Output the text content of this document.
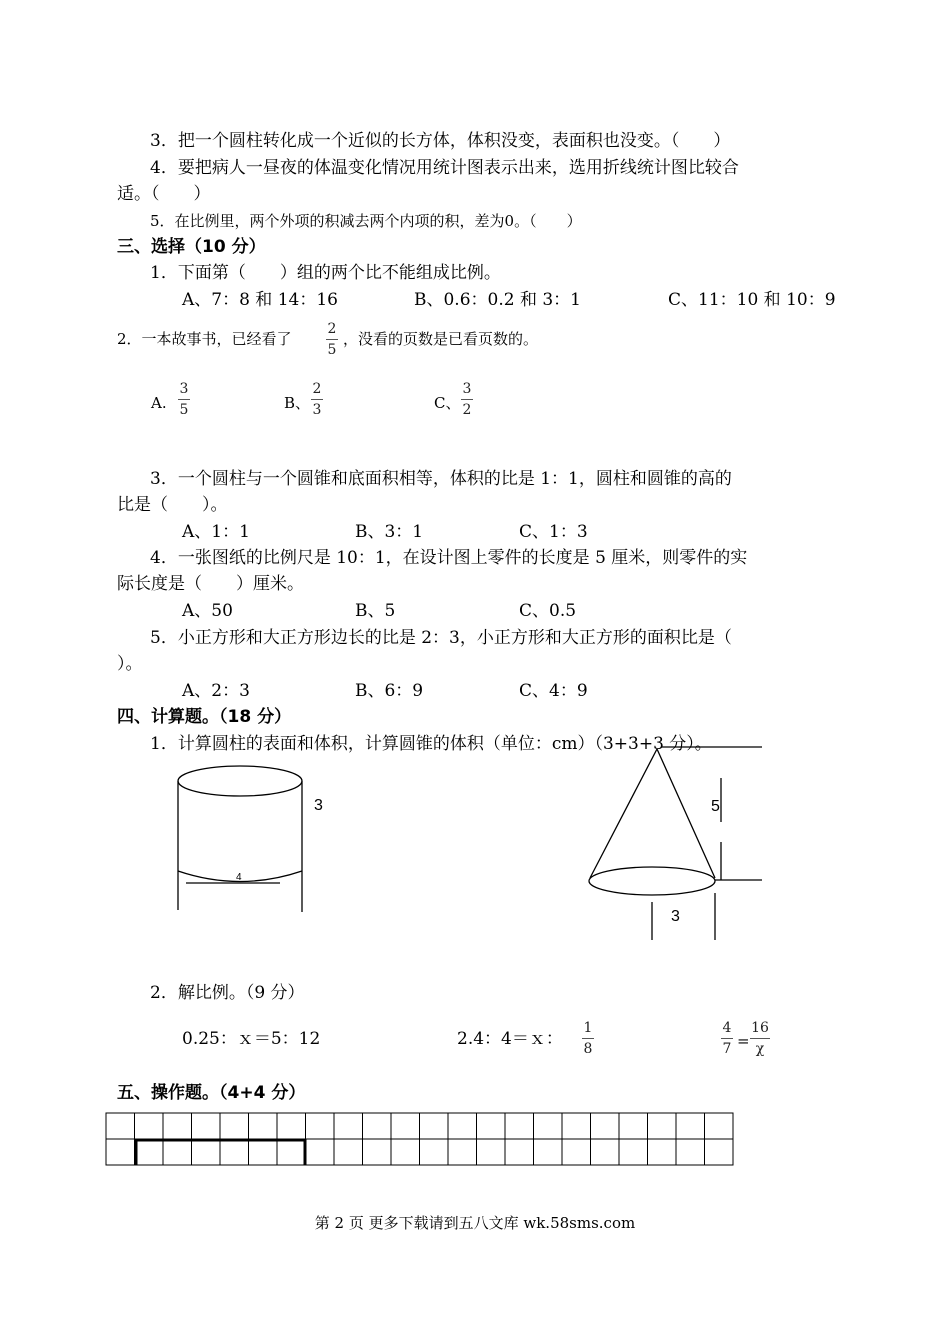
3．把一个圆柱转化成一个近似的长方体，体积没变，表面积也没变。（　　）
4．要把病人一昼夜的体温变化情况用统计图表示出来，选用折线统计图比较合
适。（　　）
5．在比例里，两个外项的积减去两个内项的积，差为0。（　　）
三、选择（10 分）
1．下面第（　　）组的两个比不能组成比例。
A、7：8 和 14：16	B、0.6：0.2 和 3：1	C、11：10 和 10：9
2．一本故事书，已经看了
2
5
，没看的页数是已看页数的。
A.
3
5	B、
2
3	C、
3
2
3．一个圆柱与一个圆锥和底面积相等，体积的比是 1：1，圆柱和圆锥的高的
比是（　　）。
A、1：1	B、3：1	C、1：3
4．一张图纸的比例尺是 10：1，在设计图上零件的长度是 5 厘米，则零件的实
际长度是（　　）厘米。
A、50	B、5	C、0.5
5．小正方形和大正方形边长的比是 2：3，小正方形和大正方形的面积比是（
）。
A、2：3	B、6：9	C、4：9
四、计算题。（18 分）
1．计算圆柱的表面和体积，计算圆锥的体积（单位：cm）（3+3+3 分）。
3
4
5
3
2．解比例。（9 分）
0.25：ｘ＝5：12	2.4：4＝ｘ：
1
8
4
7 =
16
χ
五、操作题。（4+4 分）
第 2 页 更多下载请到五八文库 wk.58sms.com
